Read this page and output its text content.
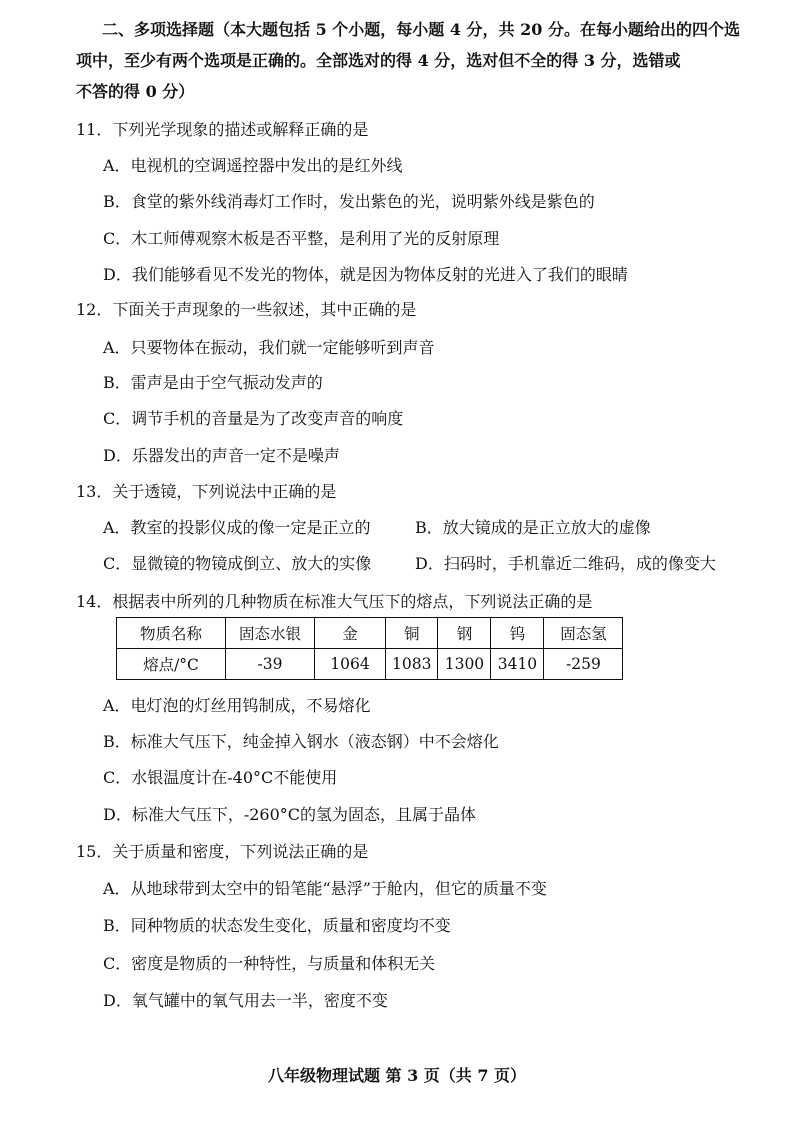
二、多项选择题（本大题包括 5 个小题，每小题 4 分，共 20 分。在每小题给出的四个选
项中，至少有两个选项是正确的。全部选对的得 4 分，选对但不全的得 3 分，选错或
不答的得 0 分）
11．下列光学现象的描述或解释正确的是
A．电视机的空调遥控器中发出的是红外线
B．食堂的紫外线消毒灯工作时，发出紫色的光，说明紫外线是紫色的
C．木工师傅观察木板是否平整，是利用了光的反射原理
D．我们能够看见不发光的物体，就是因为物体反射的光进入了我们的眼睛
12．下面关于声现象的一些叙述，其中正确的是
A．只要物体在振动，我们就一定能够听到声音
B．雷声是由于空气振动发声的
C．调节手机的音量是为了改变声音的响度
D．乐器发出的声音一定不是噪声
13．关于透镜，下列说法中正确的是
A．教室的投影仪成的像一定是正立的	B．放大镜成的是正立放大的虚像
C．显微镜的物镜成倒立、放大的实像	D．扫码时，手机靠近二维码，成的像变大
14．根据表中所列的几种物质在标准大气压下的熔点，下列说法正确的是
物质名称	固态水银	金	铜	钢	钨	固态氢
熔点/°C	-39	1064	1083	1300	3410	-259
A．电灯泡的灯丝用钨制成，不易熔化
B．标准大气压下，纯金掉入钢水（液态钢）中不会熔化
C．水银温度计在-40°C不能使用
D．标准大气压下，-260°C的氢为固态，且属于晶体
15．关于质量和密度，下列说法正确的是
A．从地球带到太空中的铅笔能“悬浮”于舱内，但它的质量不变
B．同种物质的状态发生变化，质量和密度均不变
C．密度是物质的一种特性，与质量和体积无关
D．氧气罐中的氧气用去一半，密度不变
八年级物理试题 第 3 页（共 7 页）
